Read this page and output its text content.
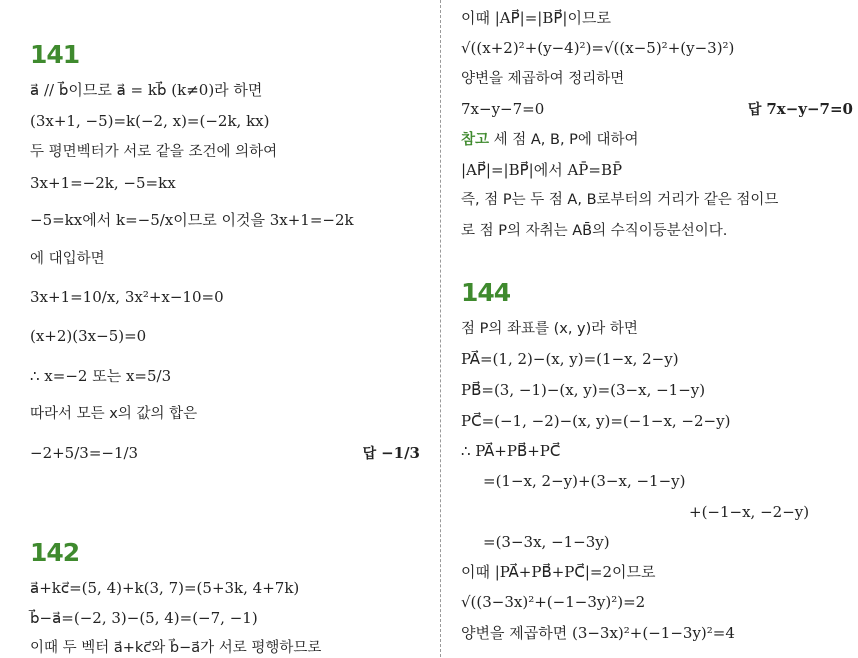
141
a⃗ // b⃗이므로 a⃗ = kb⃗ (k≠0)라 하면
(3x+1, −5)=k(−2, x)=(−2k, kx)
두 평면벡터가 서로 같을 조건에 의하여
3x+1=−2k, −5=kx
−5=kx에서 k=−5/x이므로 이것을 3x+1=−2k
에 대입하면
3x+1=10/x, 3x²+x−10=0
(x+2)(3x−5)=0
∴ x=−2 또는 x=5/3
따라서 모든 x의 값의 합은
−2+5/3=−1/3	답 −1/3
142
a⃗+kc⃗=(5, 4)+k(3, 7)=(5+3k, 4+7k)
b⃗−a⃗=(−2, 3)−(5, 4)=(−7, −1)
이때 두 벡터 a⃗+kc⃗와 b⃗−a⃗가 서로 평행하므로
이때 |AP⃗|=|BP⃗|이므로
√((x+2)²+(y−4)²)=√((x−5)²+(y−3)²)
양변을 제곱하여 정리하면
7x−y−7=0	답 7x−y−7=0
참고 세 점 A, B, P에 대하여
|AP⃗|=|BP⃗|에서 AP̄=BP̄
즉, 점 P는 두 점 A, B로부터의 거리가 같은 점이므
로 점 P의 자취는 AB̄의 수직이등분선이다.
144
점 P의 좌표를 (x, y)라 하면
PA⃗=(1, 2)−(x, y)=(1−x, 2−y)
PB⃗=(3, −1)−(x, y)=(3−x, −1−y)
PC⃗=(−1, −2)−(x, y)=(−1−x, −2−y)
∴ PA⃗+PB⃗+PC⃗
=(1−x, 2−y)+(3−x, −1−y)
+(−1−x, −2−y)
=(3−3x, −1−3y)
이때 |PA⃗+PB⃗+PC⃗|=2이므로
√((3−3x)²+(−1−3y)²)=2
양변을 제곱하면 (3−3x)²+(−1−3y)²=4
